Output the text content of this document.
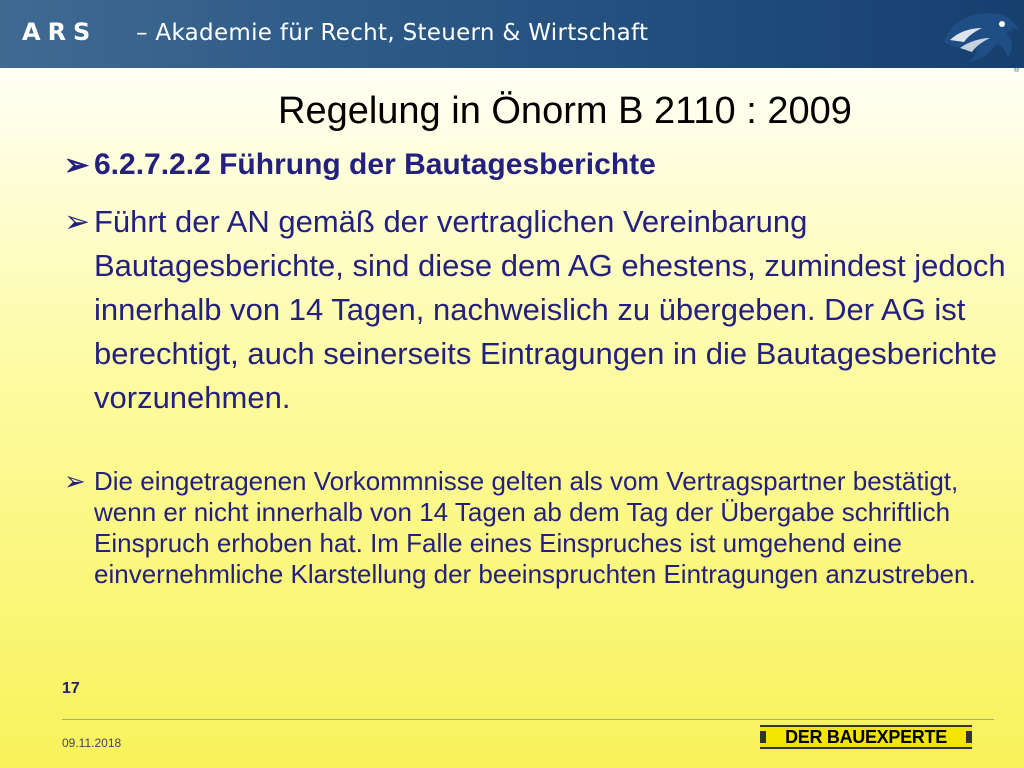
ARS – Akademie für Recht, Steuern & Wirtschaft
®
Regelung in Önorm B 2110 : 2009
➢ 6.2.7.2.2 Führung der Bautagesberichte
➢ Führt der AN gemäß der vertraglichen Vereinbarung Bautagesberichte, sind diese dem AG ehestens, zumindest jedoch innerhalb von 14 Tagen, nachweislich zu übergeben. Der AG ist berechtigt, auch seinerseits Eintragungen in die Bautagesberichte vorzunehmen.
➢ Die eingetragenen Vorkommnisse gelten als vom Vertragspartner bestätigt, wenn er nicht innerhalb von 14 Tagen ab dem Tag der Übergabe schriftlich Einspruch erhoben hat. Im Falle eines Einspruches ist umgehend eine einvernehmliche Klarstellung der beeinspruchten Eintragungen anzustreben.
17
09.11.2018	DER BAUEXPERTE
